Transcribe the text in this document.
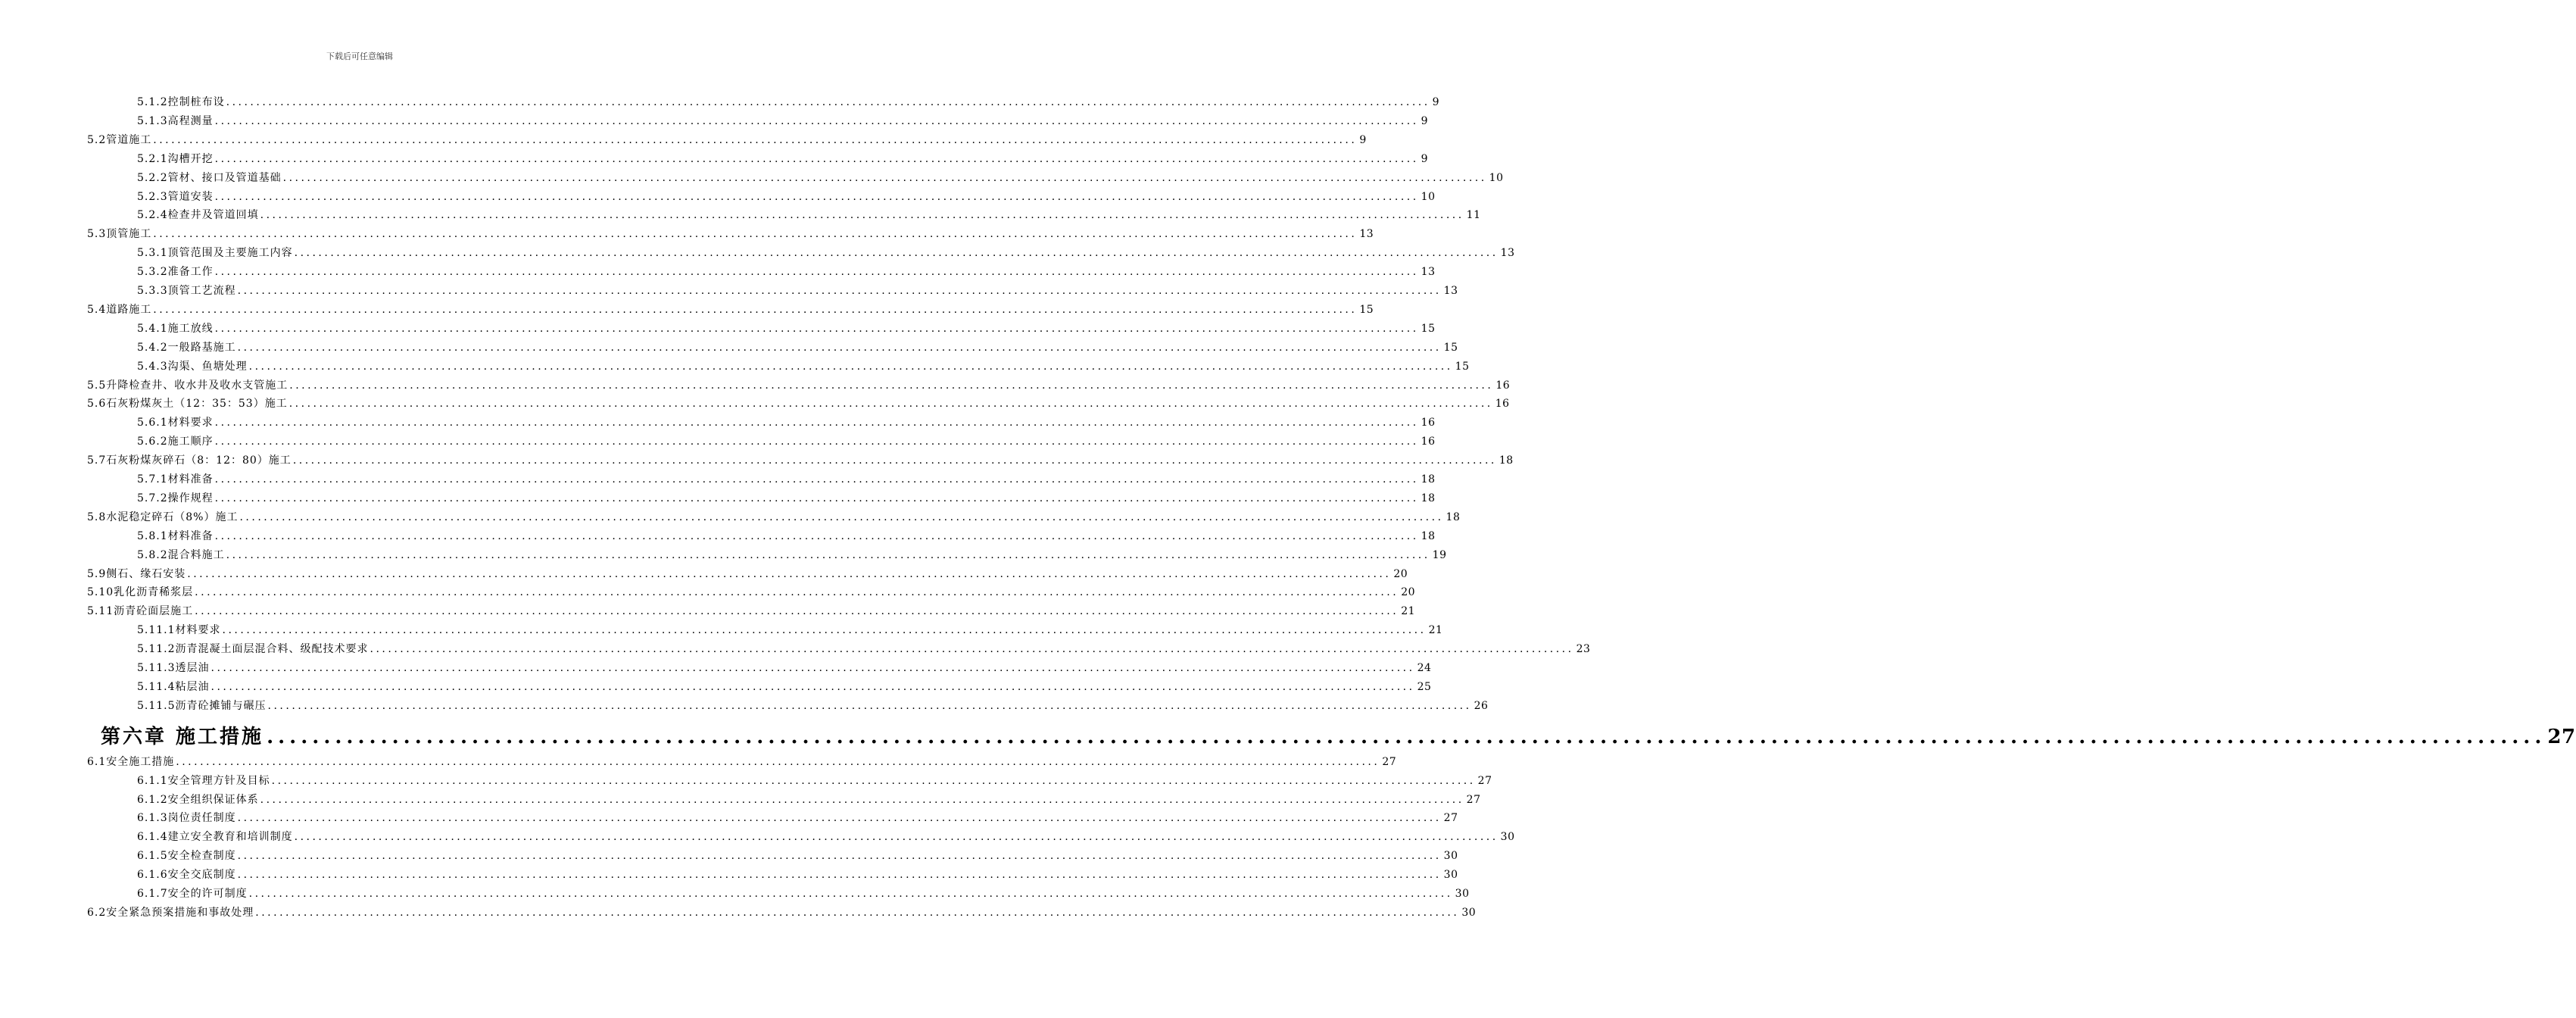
下载后可任意编辑
5.1.2 控制桩布设 ........................................................................................................................................................................................................ 9
5.1.3 高程测量 ........................................................................................................................................................................................................ 9
5.2 管道施工 ........................................................................................................................................................................................................ 9
5.2.1 沟槽开挖 ........................................................................................................................................................................................................ 9
5.2.2 管材、接口及管道基础 ........................................................................................................................................................................................................ 10
5.2.3 管道安装 ........................................................................................................................................................................................................ 10
5.2.4 检查井及管道回填 ........................................................................................................................................................................................................ 11
5.3 顶管施工 ........................................................................................................................................................................................................ 13
5.3.1 顶管范围及主要施工内容 ........................................................................................................................................................................................................ 13
5.3.2 准备工作 ........................................................................................................................................................................................................ 13
5.3.3 顶管工艺流程 ........................................................................................................................................................................................................ 13
5.4 道路施工 ........................................................................................................................................................................................................ 15
5.4.1 施工放线 ........................................................................................................................................................................................................ 15
5.4.2 一般路基施工 ........................................................................................................................................................................................................ 15
5.4.3 沟渠、鱼塘处理 ........................................................................................................................................................................................................ 15
5.5 升降检查井、收水井及收水支管施工 ........................................................................................................................................................................................................ 16
5.6 石灰粉煤灰土（12：35：53）施工 ........................................................................................................................................................................................................ 16
5.6.1 材料要求 ........................................................................................................................................................................................................ 16
5.6.2 施工顺序 ........................................................................................................................................................................................................ 16
5.7 石灰粉煤灰碎石（8：12：80）施工 ........................................................................................................................................................................................................ 18
5.7.1 材料准备 ........................................................................................................................................................................................................ 18
5.7.2 操作规程 ........................................................................................................................................................................................................ 18
5.8 水泥稳定碎石（8%）施工 ........................................................................................................................................................................................................ 18
5.8.1 材料准备 ........................................................................................................................................................................................................ 18
5.8.2 混合料施工 ........................................................................................................................................................................................................ 19
5.9 侧石、缘石安装 ........................................................................................................................................................................................................ 20
5.10 乳化沥青稀浆层 ........................................................................................................................................................................................................ 20
5.11 沥青砼面层施工 ........................................................................................................................................................................................................ 21
5.11.1 材料要求 ........................................................................................................................................................................................................ 21
5.11.2 沥青混凝土面层混合料、级配技术要求 ........................................................................................................................................................................................................ 23
5.11.3 透层油 ........................................................................................................................................................................................................ 24
5.11.4 粘层油 ........................................................................................................................................................................................................ 25
5.11.5 沥青砼摊铺与碾压 ........................................................................................................................................................................................................ 26
第六章 施工措施 ........................................................................................................................................................................................................ 27
6.1 安全施工措施 ........................................................................................................................................................................................................ 27
6.1.1 安全管理方针及目标 ........................................................................................................................................................................................................ 27
6.1.2 安全组织保证体系 ........................................................................................................................................................................................................ 27
6.1.3 岗位责任制度 ........................................................................................................................................................................................................ 27
6.1.4 建立安全教育和培训制度 ........................................................................................................................................................................................................ 30
6.1.5 安全检查制度 ........................................................................................................................................................................................................ 30
6.1.6 安全交底制度 ........................................................................................................................................................................................................ 30
6.1.7 安全的许可制度 ........................................................................................................................................................................................................ 30
6.2 安全紧急预案措施和事故处理 ........................................................................................................................................................................................................ 30
